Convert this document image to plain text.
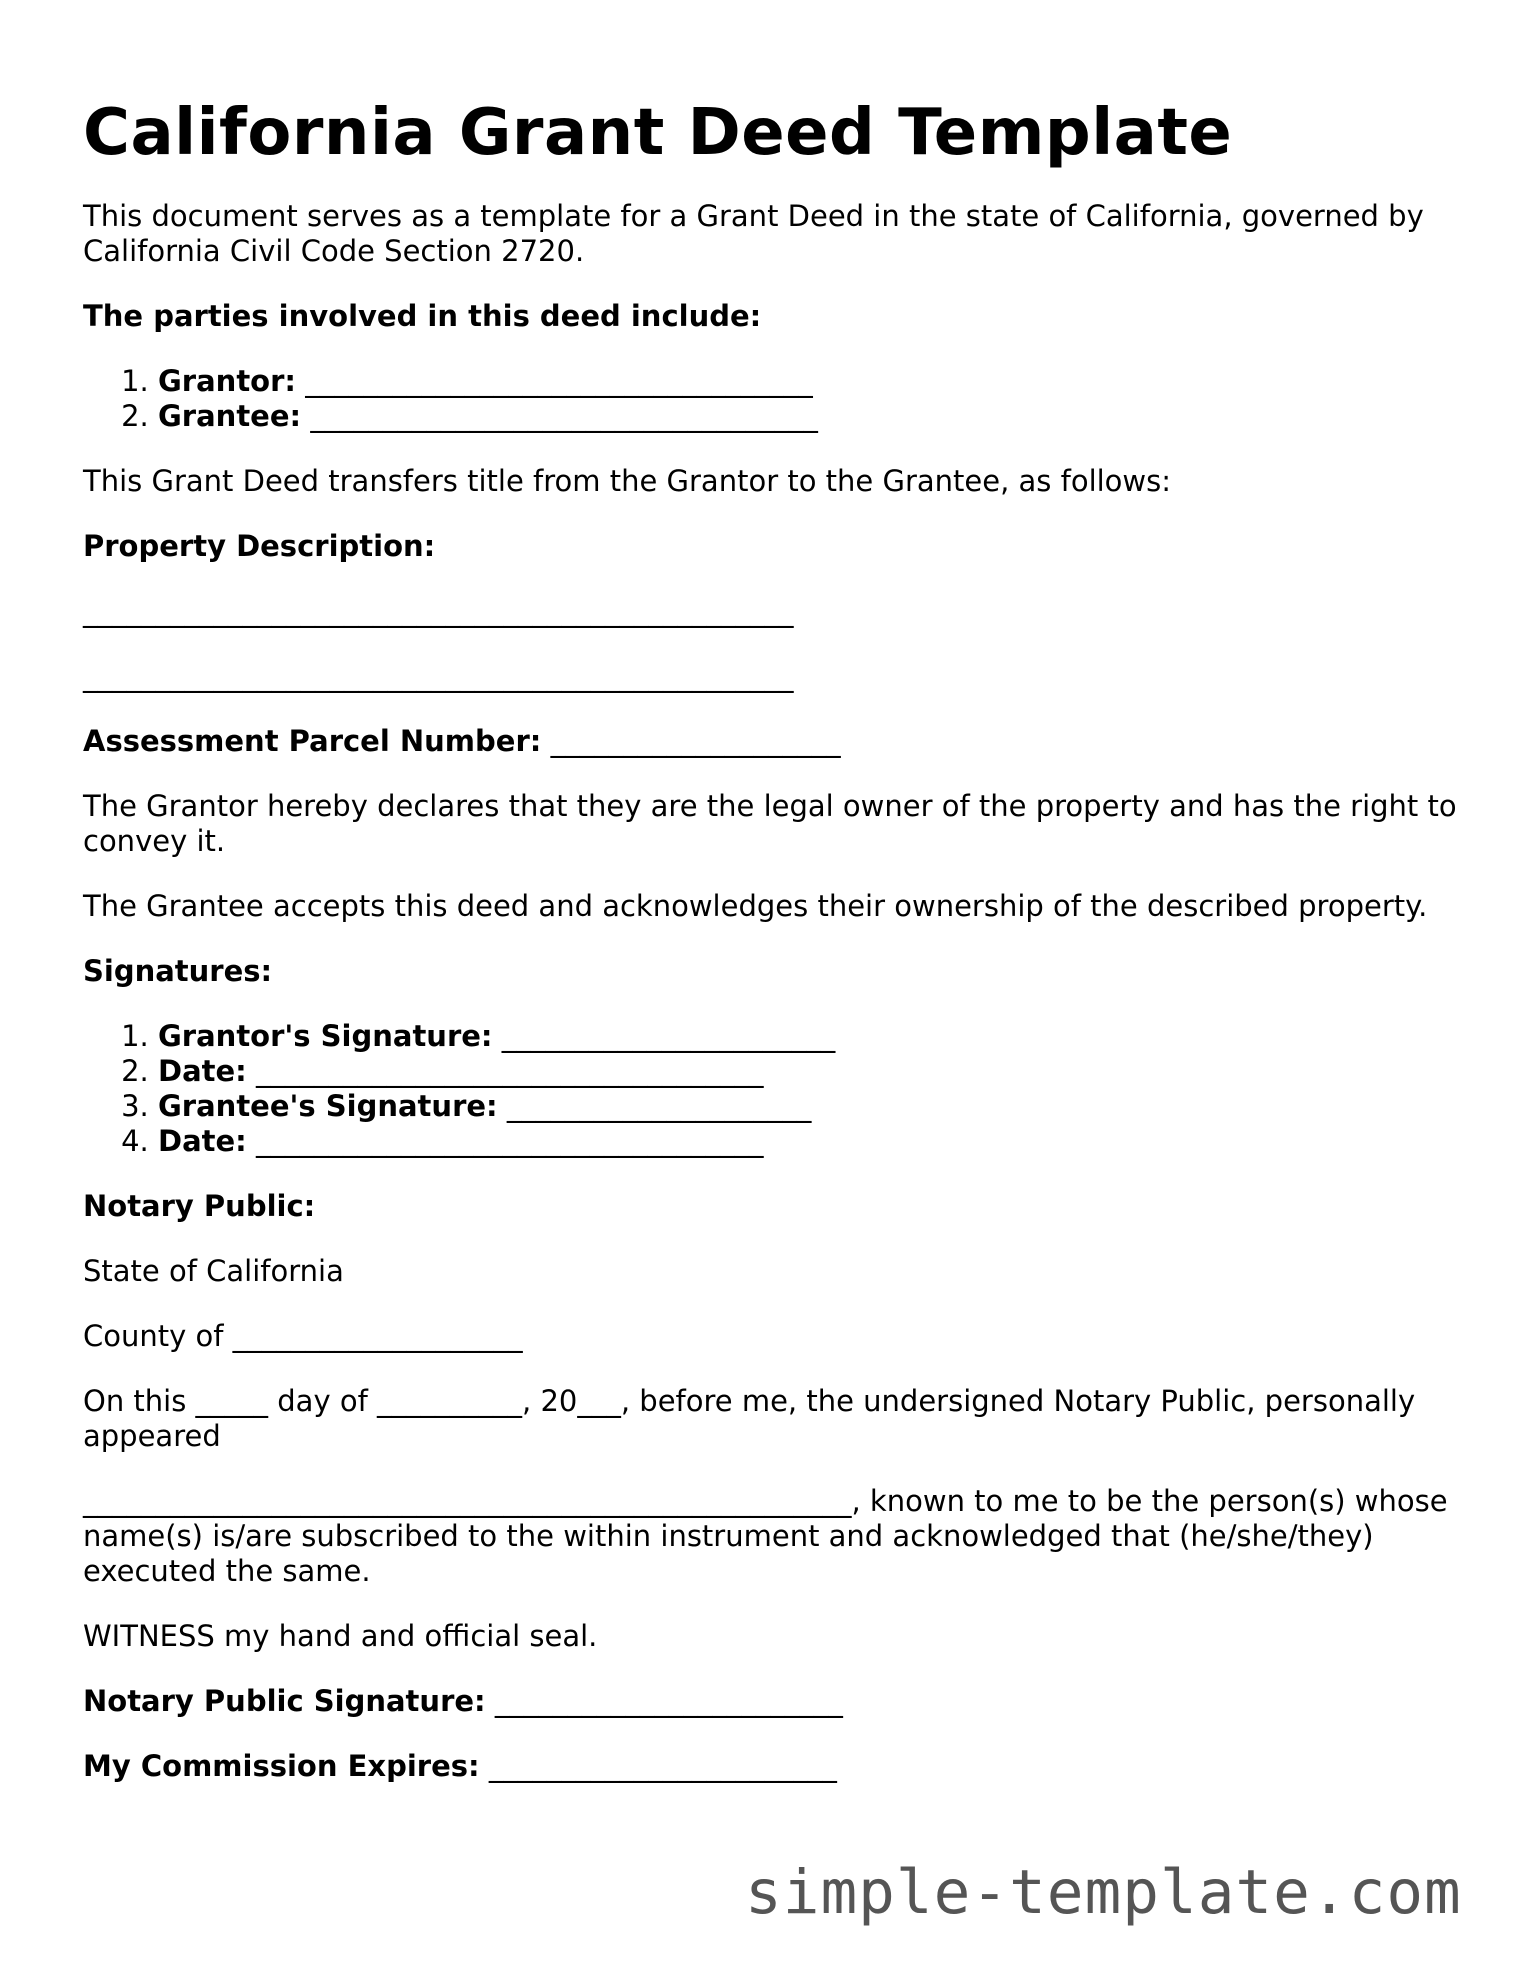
California Grant Deed Template

This document serves as a template for a Grant Deed in the state of California, governed by California Civil Code Section 2720.

The parties involved in this deed include:

1. Grantor: ___________________________________
2. Grantee: ___________________________________

This Grant Deed transfers title from the Grantor to the Grantee, as follows:

Property Description:

_________________________________________________

_________________________________________________

Assessment Parcel Number: ____________________

The Grantor hereby declares that they are the legal owner of the property and has the right to convey it.

The Grantee accepts this deed and acknowledges their ownership of the described property.

Signatures:

1. Grantor's Signature: _______________________
2. Date: ___________________________________
3. Grantee's Signature: _____________________
4. Date: ___________________________________

Notary Public:

State of California

County of ____________________

On this _____ day of __________, 20___, before me, the undersigned Notary Public, personally appeared

_____________________________________________________, known to me to be the person(s) whose name(s) is/are subscribed to the within instrument and acknowledged that (he/she/they) executed the same.

WITNESS my hand and official seal.

Notary Public Signature: ________________________

My Commission Expires: ________________________

simple-template.com
